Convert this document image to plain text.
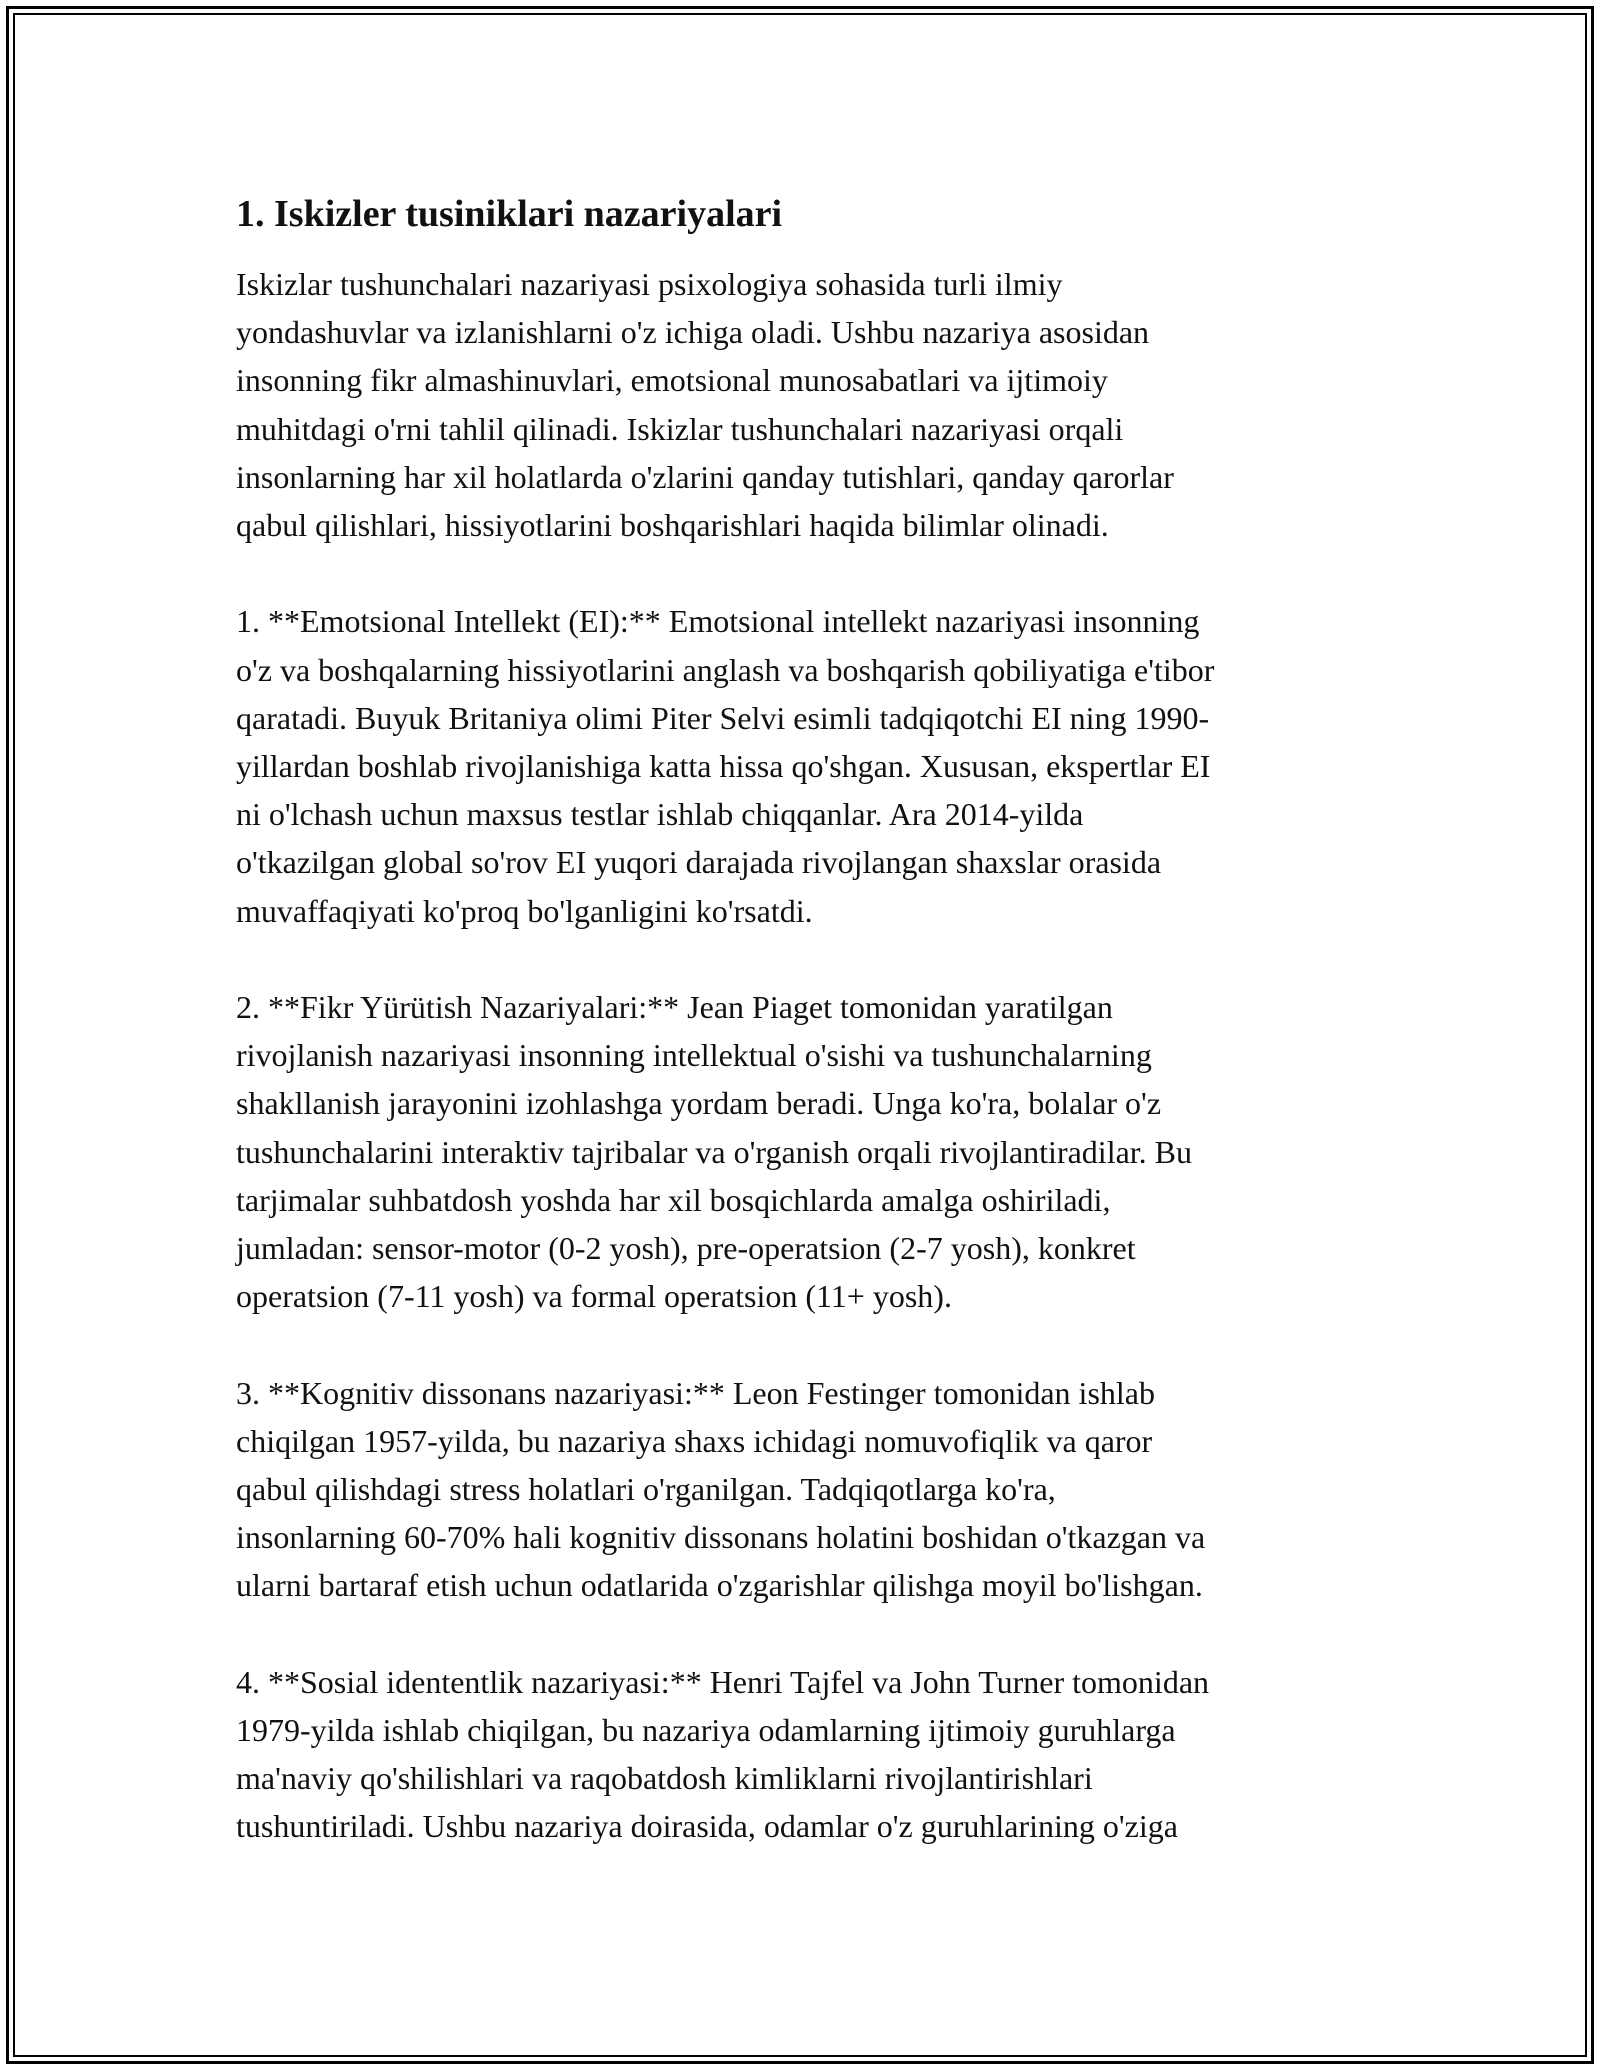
1. Iskizler tusiniklari nazariyalari

Iskizlar tushunchalari nazariyasi psixologiya sohasida turli ilmiy
yondashuvlar va izlanishlarni o'z ichiga oladi. Ushbu nazariya asosidan
insonning fikr almashinuvlari, emotsional munosabatlari va ijtimoiy
muhitdagi o'rni tahlil qilinadi. Iskizlar tushunchalari nazariyasi orqali
insonlarning har xil holatlarda o'zlarini qanday tutishlari, qanday qarorlar
qabul qilishlari, hissiyotlarini boshqarishlari haqida bilimlar olinadi.

1. **Emotsional Intellekt (EI):** Emotsional intellekt nazariyasi insonning
o'z va boshqalarning hissiyotlarini anglash va boshqarish qobiliyatiga e'tibor
qaratadi. Buyuk Britaniya olimi Piter Selvi esimli tadqiqotchi EI ning 1990-
yillardan boshlab rivojlanishiga katta hissa qo'shgan. Xususan, ekspertlar EI
ni o'lchash uchun maxsus testlar ishlab chiqqanlar. Ara 2014-yilda
o'tkazilgan global so'rov EI yuqori darajada rivojlangan shaxslar orasida
muvaffaqiyati ko'proq bo'lganligini ko'rsatdi.

2. **Fikr Yürütish Nazariyalari:** Jean Piaget tomonidan yaratilgan
rivojlanish nazariyasi insonning intellektual o'sishi va tushunchalarning
shakllanish jarayonini izohlashga yordam beradi. Unga ko'ra, bolalar o'z
tushunchalarini interaktiv tajribalar va o'rganish orqali rivojlantiradilar. Bu
tarjimalar suhbatdosh yoshda har xil bosqichlarda amalga oshiriladi,
jumladan: sensor-motor (0-2 yosh), pre-operatsion (2-7 yosh), konkret
operatsion (7-11 yosh) va formal operatsion (11+ yosh).

3. **Kognitiv dissonans nazariyasi:** Leon Festinger tomonidan ishlab
chiqilgan 1957-yilda, bu nazariya shaxs ichidagi nomuvofiqlik va qaror
qabul qilishdagi stress holatlari o'rganilgan. Tadqiqotlarga ko'ra,
insonlarning 60-70% hali kognitiv dissonans holatini boshidan o'tkazgan va
ularni bartaraf etish uchun odatlarida o'zgarishlar qilishga moyil bo'lishgan.

4. **Sosial idententlik nazariyasi:** Henri Tajfel va John Turner tomonidan
1979-yilda ishlab chiqilgan, bu nazariya odamlarning ijtimoiy guruhlarga
ma'naviy qo'shilishlari va raqobatdosh kimliklarni rivojlantirishlari
tushuntiriladi. Ushbu nazariya doirasida, odamlar o'z guruhlarining o'ziga
